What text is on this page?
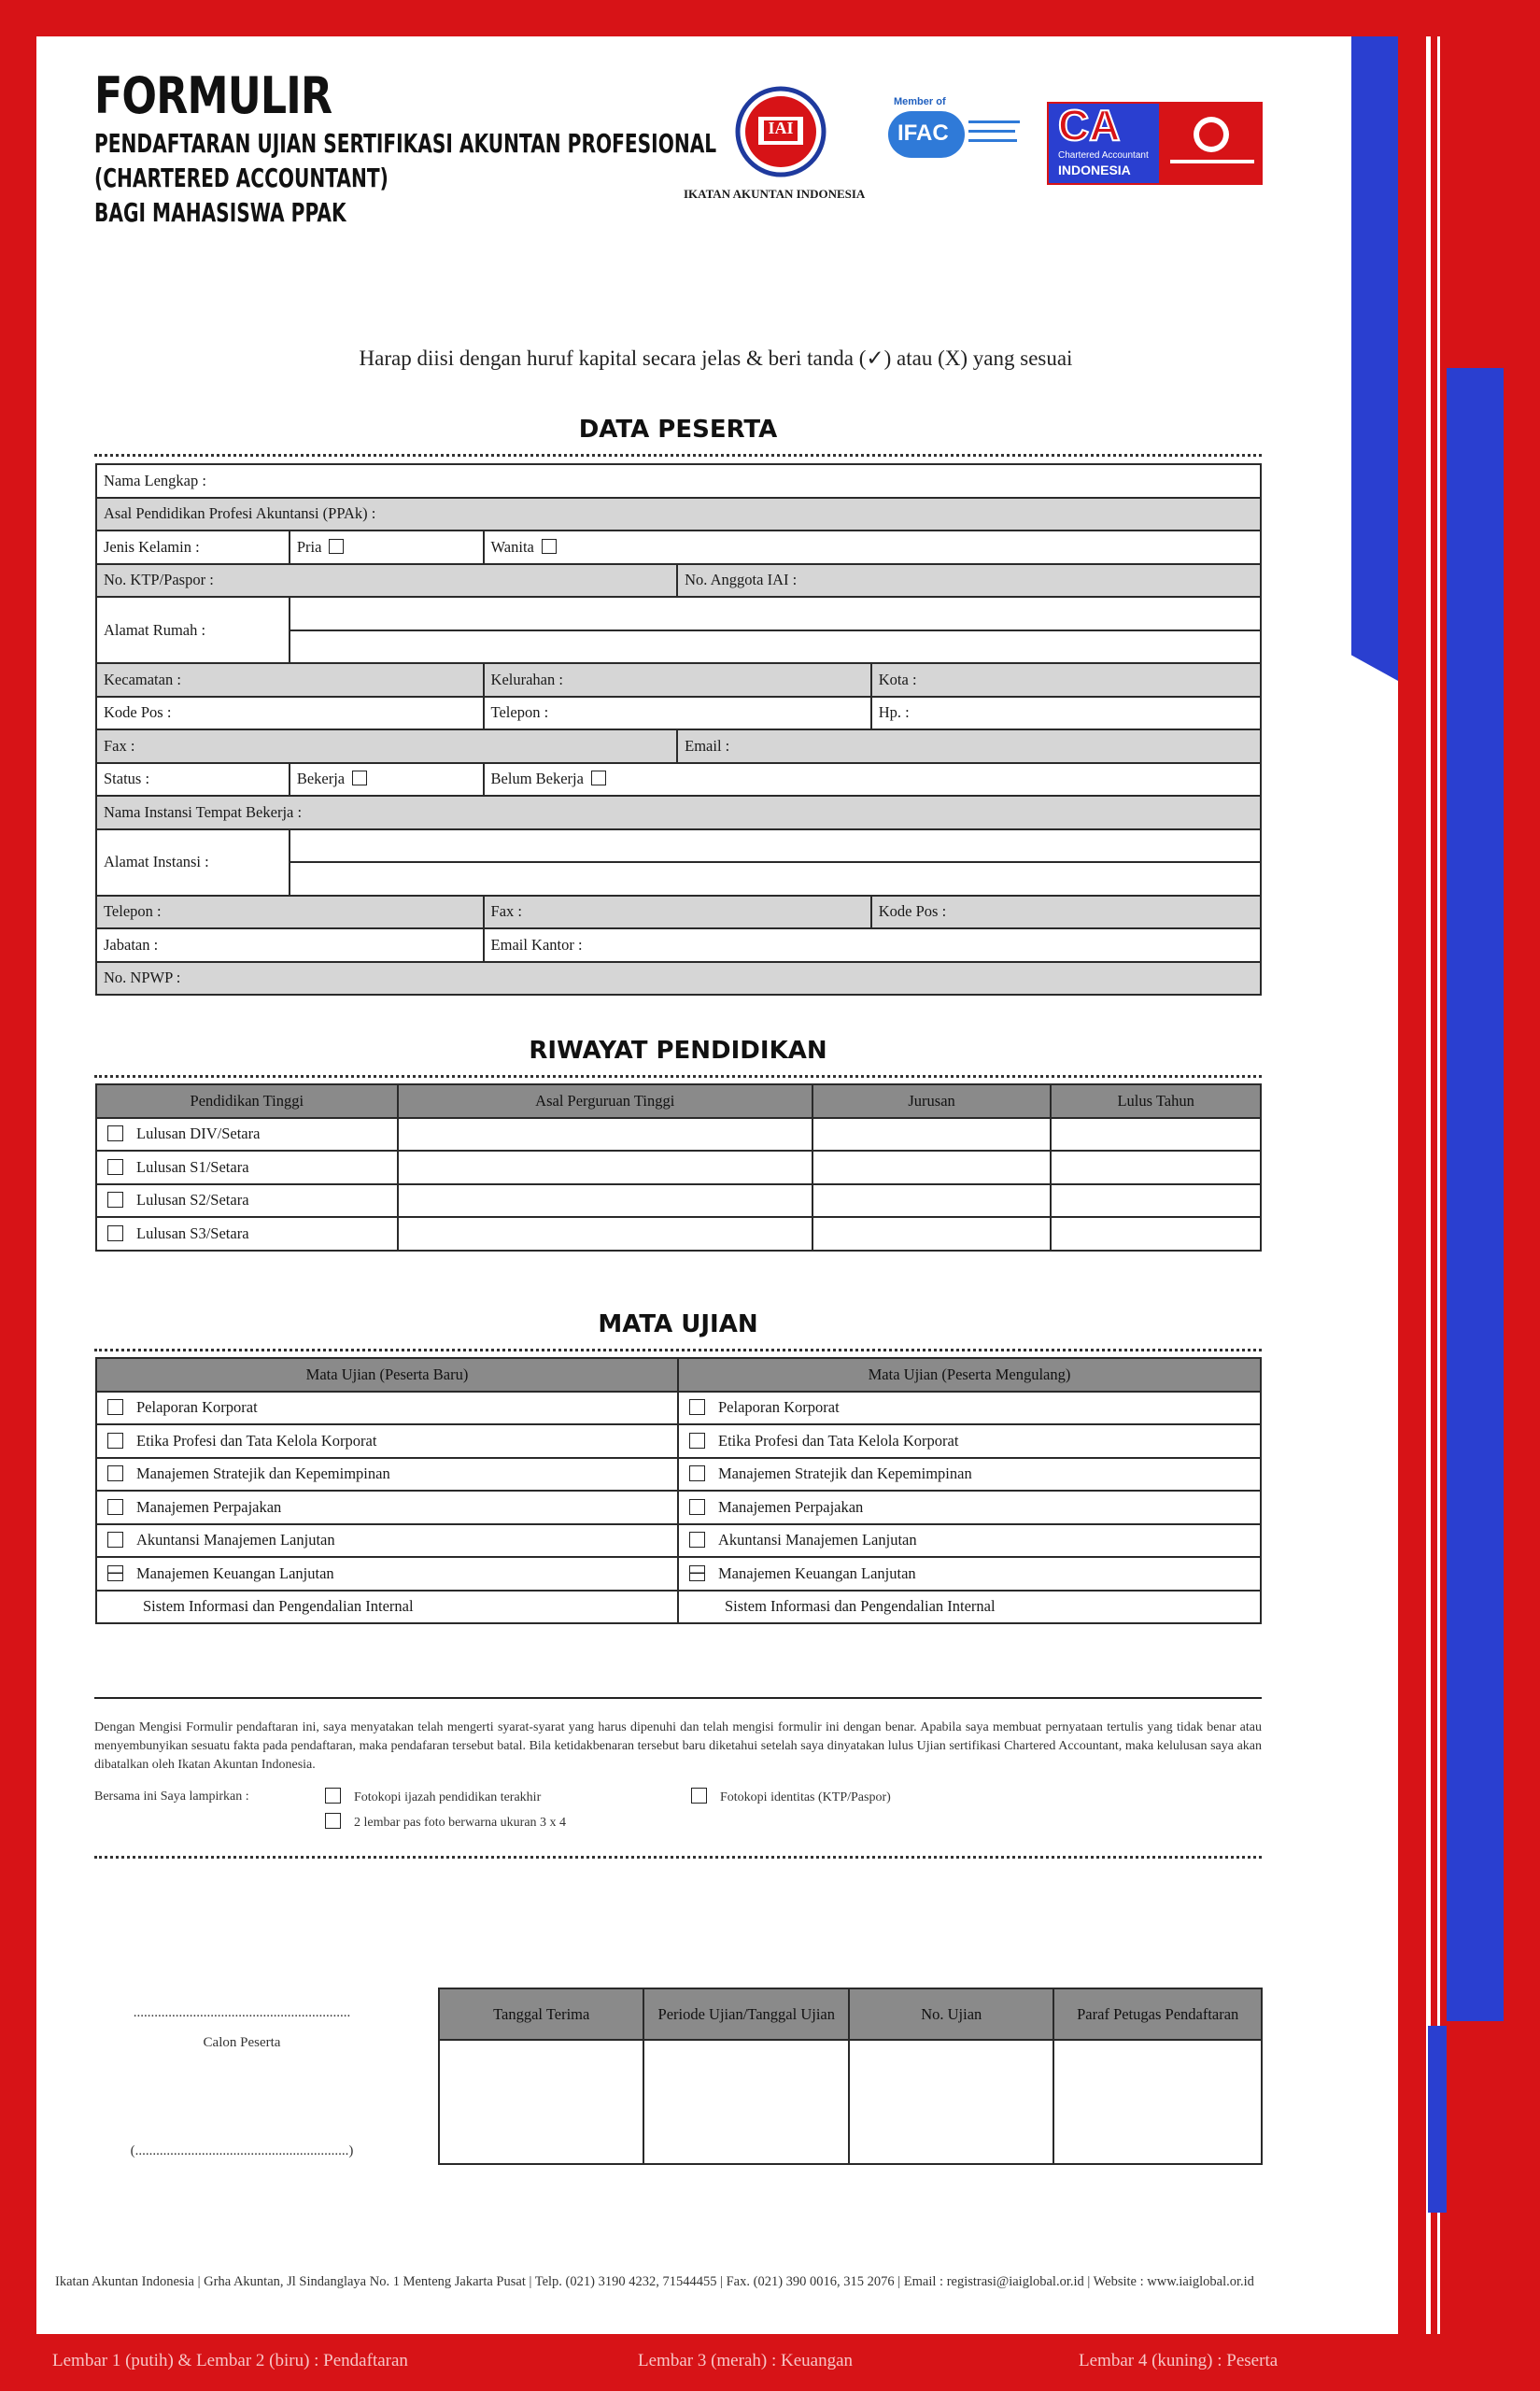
FORMULIR
PENDAFTARAN UJIAN SERTIFIKASI AKUNTAN PROFESIONAL
(CHARTERED ACCOUNTANT)
BAGI MAHASISWA PPAK
IAI
IKATAN AKUNTAN INDONESIA
Member of
IFAC	CA
Chartered Accountant
INDONESIA
Harap diisi dengan huruf kapital secara jelas & beri tanda (✓) atau (X) yang sesuai
DATA PESERTA
Nama Lengkap :				
Asal Pendidikan Profesi Akuntansi (PPAk) :				
Jenis Kelamin :	Pria	Wanita		
No. KTP/Paspor :			No. Anggota IAI :	
Alamat Rumah :				

Kecamatan :		Kelurahan :		Kota :
Kode Pos :		Telepon :		Hp. :
Fax :			Email :	
Status :	Bekerja	Belum Bekerja		
Nama Instansi Tempat Bekerja :				
Alamat Instansi :				

Telepon :		Fax :		Kode Pos :
Jabatan :		Email Kantor :		
No. NPWP :				
RIWAYAT PENDIDIKAN
Pendidikan Tinggi	Asal Perguruan Tinggi	Jurusan	Lulus Tahun
Lulusan DIV/Setara			
Lulusan S1/Setara			
Lulusan S2/Setara			
Lulusan S3/Setara			
MATA UJIAN
Mata Ujian (Peserta Baru)	Mata Ujian (Peserta Mengulang)
Pelaporan Korporat	Pelaporan Korporat
Etika Profesi dan Tata Kelola Korporat	Etika Profesi dan Tata Kelola Korporat
Manajemen Stratejik dan Kepemimpinan	Manajemen Stratejik dan Kepemimpinan
Manajemen Perpajakan	Manajemen Perpajakan
Akuntansi Manajemen Lanjutan	Akuntansi Manajemen Lanjutan
Manajemen Keuangan Lanjutan	Manajemen Keuangan Lanjutan
Sistem Informasi dan Pengendalian Internal	Sistem Informasi dan Pengendalian Internal
Dengan Mengisi Formulir pendaftaran ini, saya menyatakan telah mengerti syarat-syarat yang harus dipenuhi dan telah mengisi formulir ini dengan benar. Apabila saya membuat pernyataan tertulis yang tidak benar atau menyembunyikan sesuatu fakta pada pendaftaran, maka pendafaran tersebut batal. Bila ketidakbenaran tersebut baru diketahui setelah saya dinyatakan lulus Ujian sertifikasi Chartered Accountant, maka kelulusan saya akan dibatalkan oleh Ikatan Akuntan Indonesia.
Bersama ini Saya lampirkan :	Fotokopi ijazah pendidikan terakhir
2 lembar pas foto berwarna ukuran 3 x 4
Fotokopi identitas (KTP/Paspor)
..............................................................
Calon Peserta
(.............................................................)
Tanggal Terima	Periode Ujian/Tanggal Ujian	No. Ujian	Paraf Petugas Pendaftaran

Ikatan Akuntan Indonesia | Grha Akuntan, Jl Sindanglaya No. 1 Menteng Jakarta Pusat | Telp. (021) 3190 4232, 71544455 | Fax. (021) 390 0016, 315 2076 | Email : registrasi@iaiglobal.or.id | Website : www.iaiglobal.or.id
Lembar 1 (putih) & Lembar 2 (biru) : Pendaftaran	Lembar 3 (merah) : Keuangan	Lembar 4 (kuning) : Peserta
